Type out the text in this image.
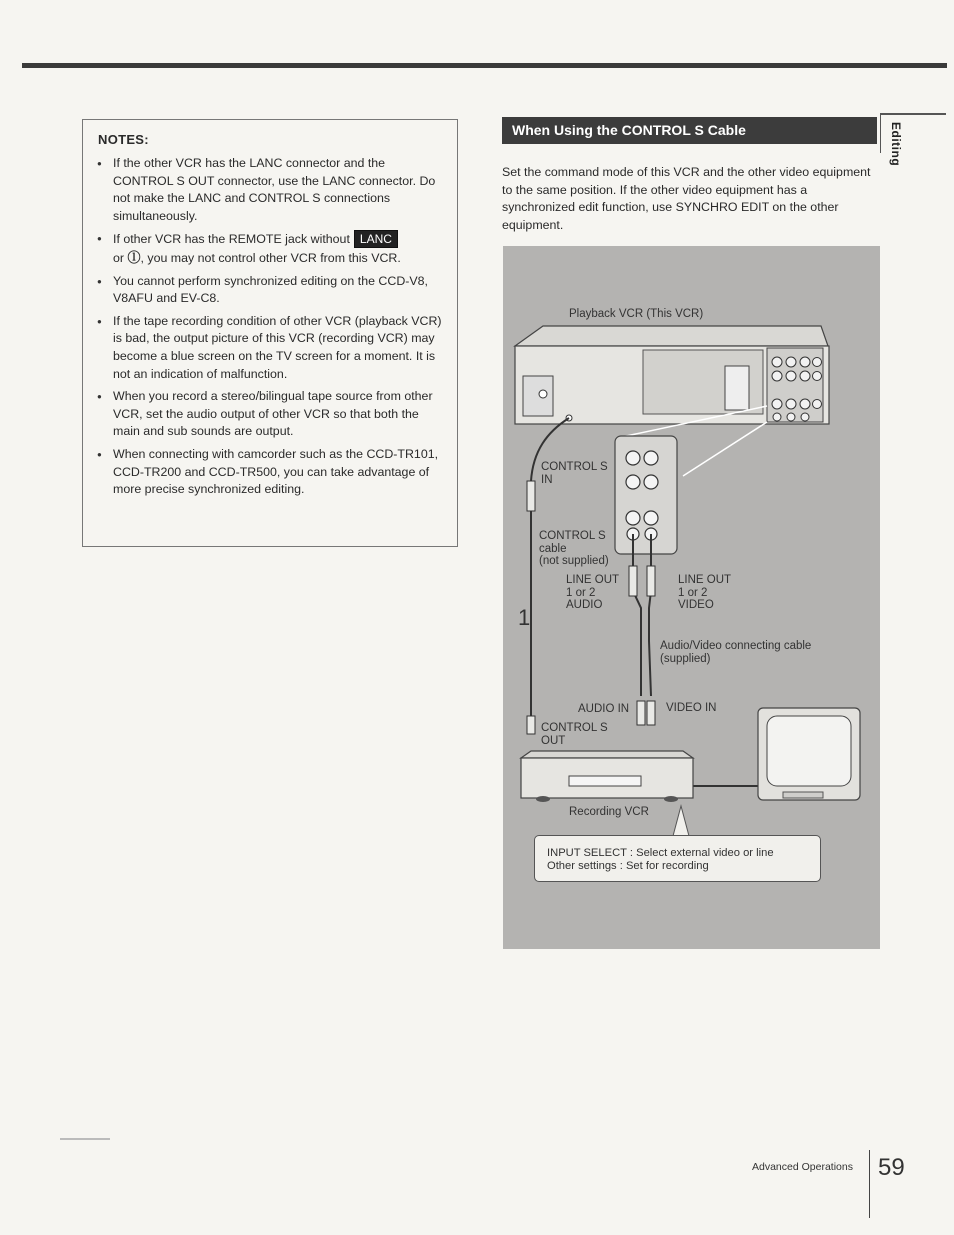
Editing
NOTES:
● If the other VCR has the LANC connector and the CONTROL S OUT connector, use the LANC connector. Do not make the LANC and CONTROL S connections simultaneously.
● If other VCR has the REMOTE jack without LANC
or ⓛ, you may not control other VCR from this VCR.
● You cannot perform synchronized editing on the CCD-V8, V8AFU and EV-C8.
● If the tape recording condition of other VCR (playback VCR) is bad, the output picture of this VCR (recording VCR) may become a blue screen on the TV screen for a moment. It is not an indication of malfunction.
● When you record a stereo/bilingual tape source from other VCR, set the audio output of other VCR so that both the main and sub sounds are output.
● When connecting with camcorder such as the CCD-TR101, CCD-TR200 and CCD-TR500, you can take advantage of more precise synchronized editing.
When Using the CONTROL S Cable
Set the command mode of this VCR and the other video equipment to the same position. If the other video equipment has a synchronized edit function, use SYNCHRO EDIT on the other equipment.
Playback VCR (This VCR)
CONTROL S
IN
CONTROL S
cable
(not supplied)
LINE OUT
1 or 2
AUDIO
LINE OUT
1 or 2
VIDEO
1
Audio/Video connecting cable
(supplied)
AUDIO IN	VIDEO IN
CONTROL S
OUT
Recording VCR
INPUT SELECT : Select external video or line
Other settings : Set for recording
Advanced Operations 59
